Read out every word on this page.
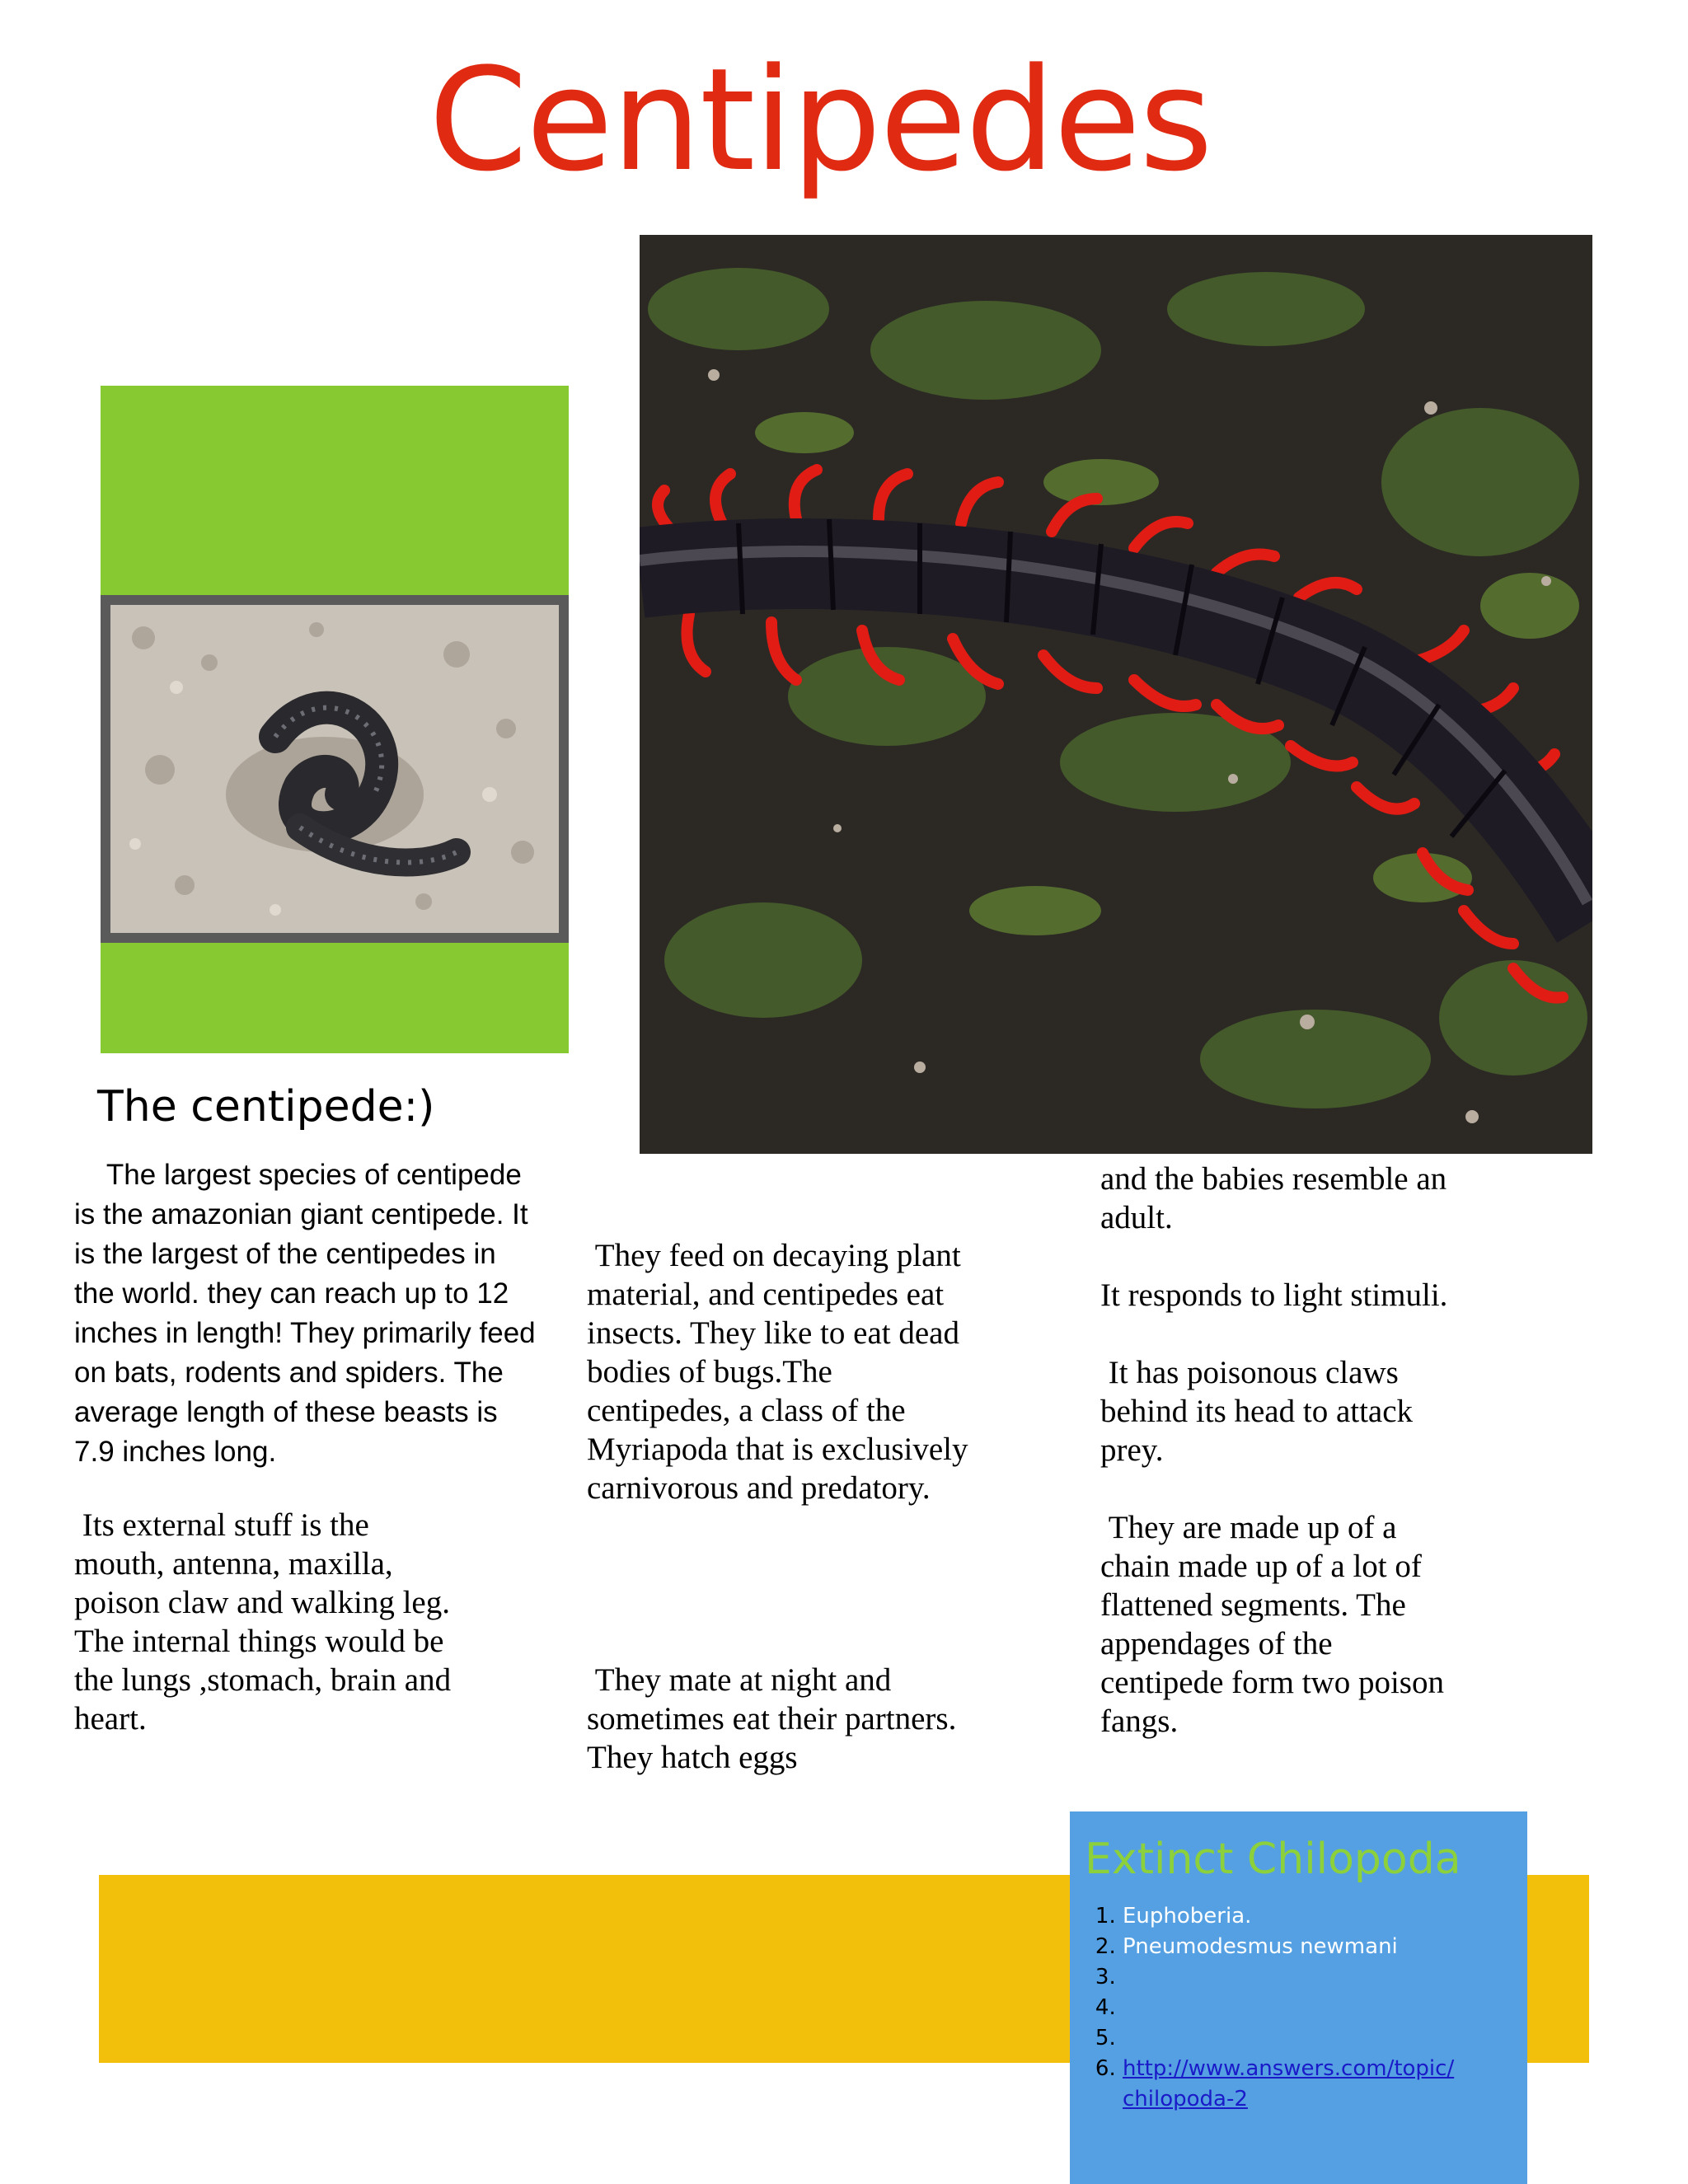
Centipedes
The centipede:)

The largest species of centipede is the amazonian giant centipede. It is the largest of the centipedes in the world. they can reach up to 12 inches in length! They primarily feed on bats, rodents and spiders. The average length of these beasts is 7.9 inches long.

Its external stuff is the mouth, antenna, maxilla, poison claw and walking leg. The internal things would be the lungs ,stomach, brain and heart.

They feed on decaying plant material, and centipedes eat insects. They like to eat dead bodies of bugs.The centipedes, a class of the Myriapoda that is exclusively carnivorous and predatory.

They mate at night and sometimes eat their partners. They hatch eggs

and the babies resemble an adult.

It responds to light stimuli.

It has poisonous claws behind its head to attack prey.

They are made up of a chain made up of a lot of flattened segments. The appendages of the centipede form two poison fangs.

Extinct Chilopoda
1. Euphoberia.
2. Pneumodesmus newmani
3.
4.
5.
6. http://www.answers.com/topic/
chilopoda-2
